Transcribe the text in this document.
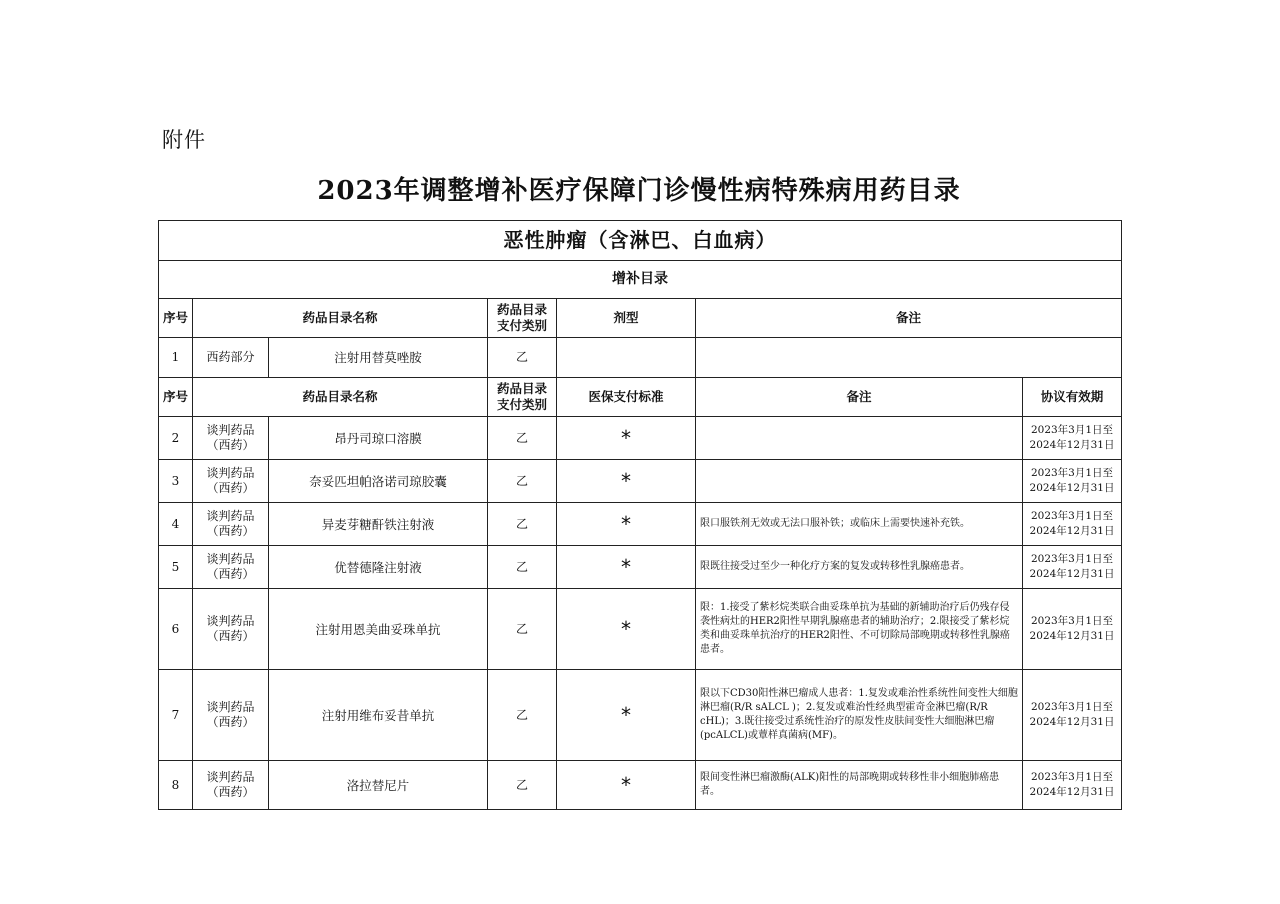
附件
2023年调整增补医疗保障门诊慢性病特殊病用药目录
恶性肿瘤（含淋巴、白血病）						
增补目录						
序号	药品目录名称		药品目录
支付类别	剂型	备注	
1	西药部分	注射用替莫唑胺	乙			
序号	药品目录名称		药品目录
支付类别	医保支付标准	备注	协议有效期
2	谈判药品
（西药）	昂丹司琼口溶膜	乙	*		2023年3月1日至
2024年12月31日

3	谈判药品
（西药）	奈妥匹坦帕洛诺司琼胶囊	乙	*		2023年3月1日至
2024年12月31日

4	谈判药品
（西药）	异麦芽糖酐铁注射液	乙	*	限口服铁剂无效或无法口服补铁；或临床上需要快速补充铁。	2023年3月1日至
2024年12月31日

5	谈判药品
（西药）	优替德隆注射液	乙	*	限既往接受过至少一种化疗方案的复发或转移性乳腺癌患者。	2023年3月1日至
2024年12月31日

6	谈判药品
（西药）	注射用恩美曲妥珠单抗	乙	*	限：1.接受了紫杉烷类联合曲妥珠单抗为基础的新辅助治疗后仍残存侵袭性病灶的HER2阳性早期乳腺癌患者的辅助治疗；2.限接受了紫杉烷类和曲妥珠单抗治疗的HER2阳性、不可切除局部晚期或转移性乳腺癌患者。	2023年3月1日至
2024年12月31日

7	谈判药品
（西药）	注射用维布妥昔单抗	乙	*	限以下CD30阳性淋巴瘤成人患者：1.复发或难治性系统性间变性大细胞淋巴瘤(R/R sALCL )；2.复发或难治性经典型霍奇金淋巴瘤(R/R cHL)；3.既往接受过系统性治疗的原发性皮肤间变性大细胞淋巴瘤(pcALCL)或蕈样真菌病(MF)。	2023年3月1日至
2024年12月31日

8	谈判药品
（西药）	洛拉替尼片	乙	*	限间变性淋巴瘤激酶(ALK)阳性的局部晚期或转移性非小细胞肺癌患者。	2023年3月1日至
2024年12月31日
